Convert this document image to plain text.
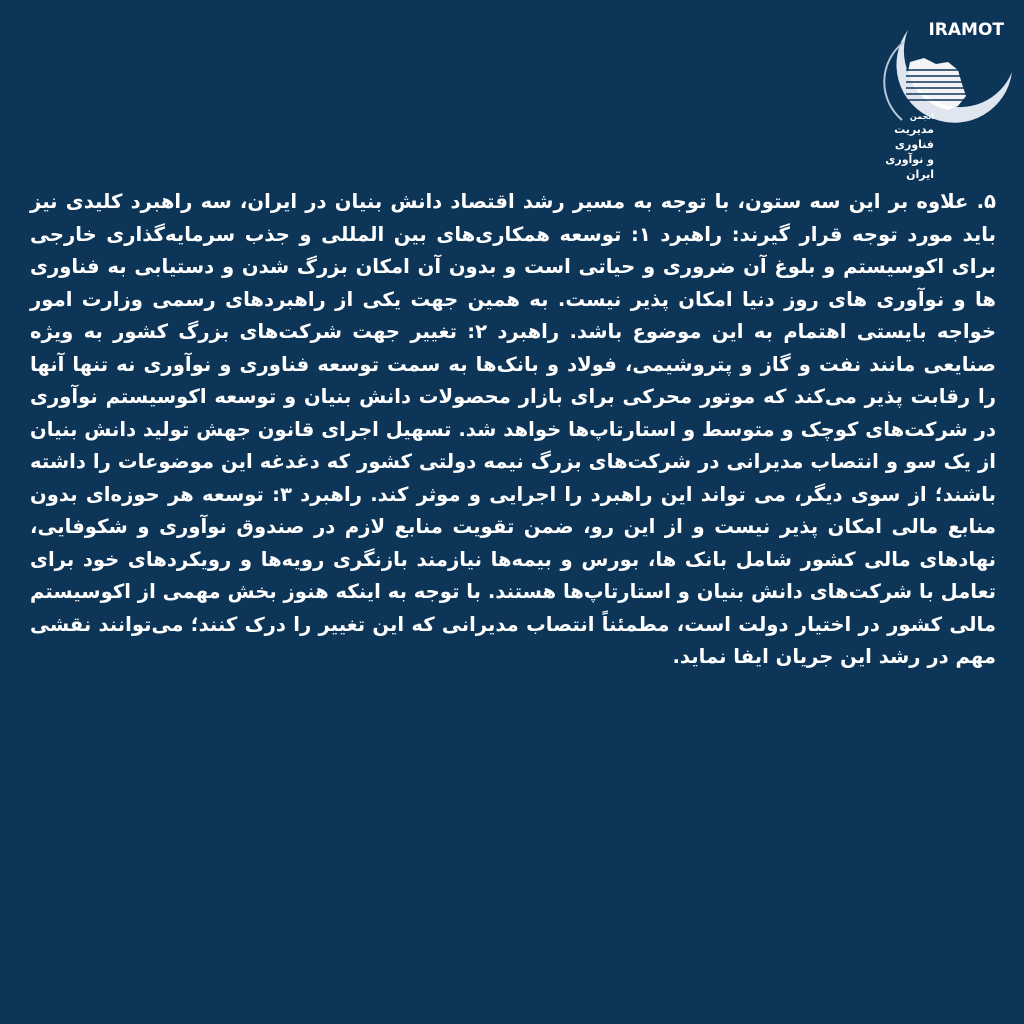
IRAMOT
انجمن
مدیریت فناوری
و نوآوری ایران

۵. علاوه بر این سه ستون، با توجه به مسیر رشد اقتصاد دانش بنیان در ایران، سه راهبرد کلیدی نیز باید مورد توجه قرار گیرند: راهبرد ۱: توسعه همکاری‌های بین المللی و جذب سرمایه‌گذاری خارجی برای اکوسیستم و بلوغ آن ضروری و حیاتی است و بدون آن امکان بزرگ شدن و دستیابی به فناوری ها و نوآوری های روز دنیا امکان پذیر نیست. به همین جهت یکی از راهبردهای رسمی وزارت امور خواجه بایستی اهتمام به این موضوع باشد. راهبرد ۲: تغییر جهت شرکت‌های بزرگ کشور به ویژه صنایعی مانند نفت و گاز و پتروشیمی، فولاد و بانک‌ها به سمت توسعه فناوری و نوآوری نه تنها آنها را رقابت پذیر می‌کند که موتور محرکی برای بازار محصولات دانش بنیان و توسعه اکوسیستم نوآوری در شرکت‌های کوچک و متوسط و استارتاپ‌ها خواهد شد. تسهیل اجرای قانون جهش تولید دانش بنیان از یک سو و انتصاب مدیرانی در شرکت‌های بزرگ نیمه دولتی کشور که دغدغه این موضوعات را داشته باشند؛ از سوی دیگر، می تواند این راهبرد را اجرایی و موثر کند. راهبرد ۳: توسعه هر حوزه‌ای بدون منابع مالی امکان پذیر نیست و از این رو، ضمن تقویت منابع لازم در صندوق نوآوری و شکوفایی، نهادهای مالی کشور شامل بانک ها، بورس و بیمه‌ها نیازمند بازنگری رویه‌ها و رویکردهای خود برای تعامل با شرکت‌های دانش بنیان و استارتاپ‌ها هستند. با توجه به اینکه هنوز بخش مهمی از اکوسیستم مالی کشور در اختیار دولت است، مطمئناً انتصاب مدیرانی که این تغییر را درک کنند؛ می‌توانند نقشی مهم در رشد این جریان ایفا نماید.
